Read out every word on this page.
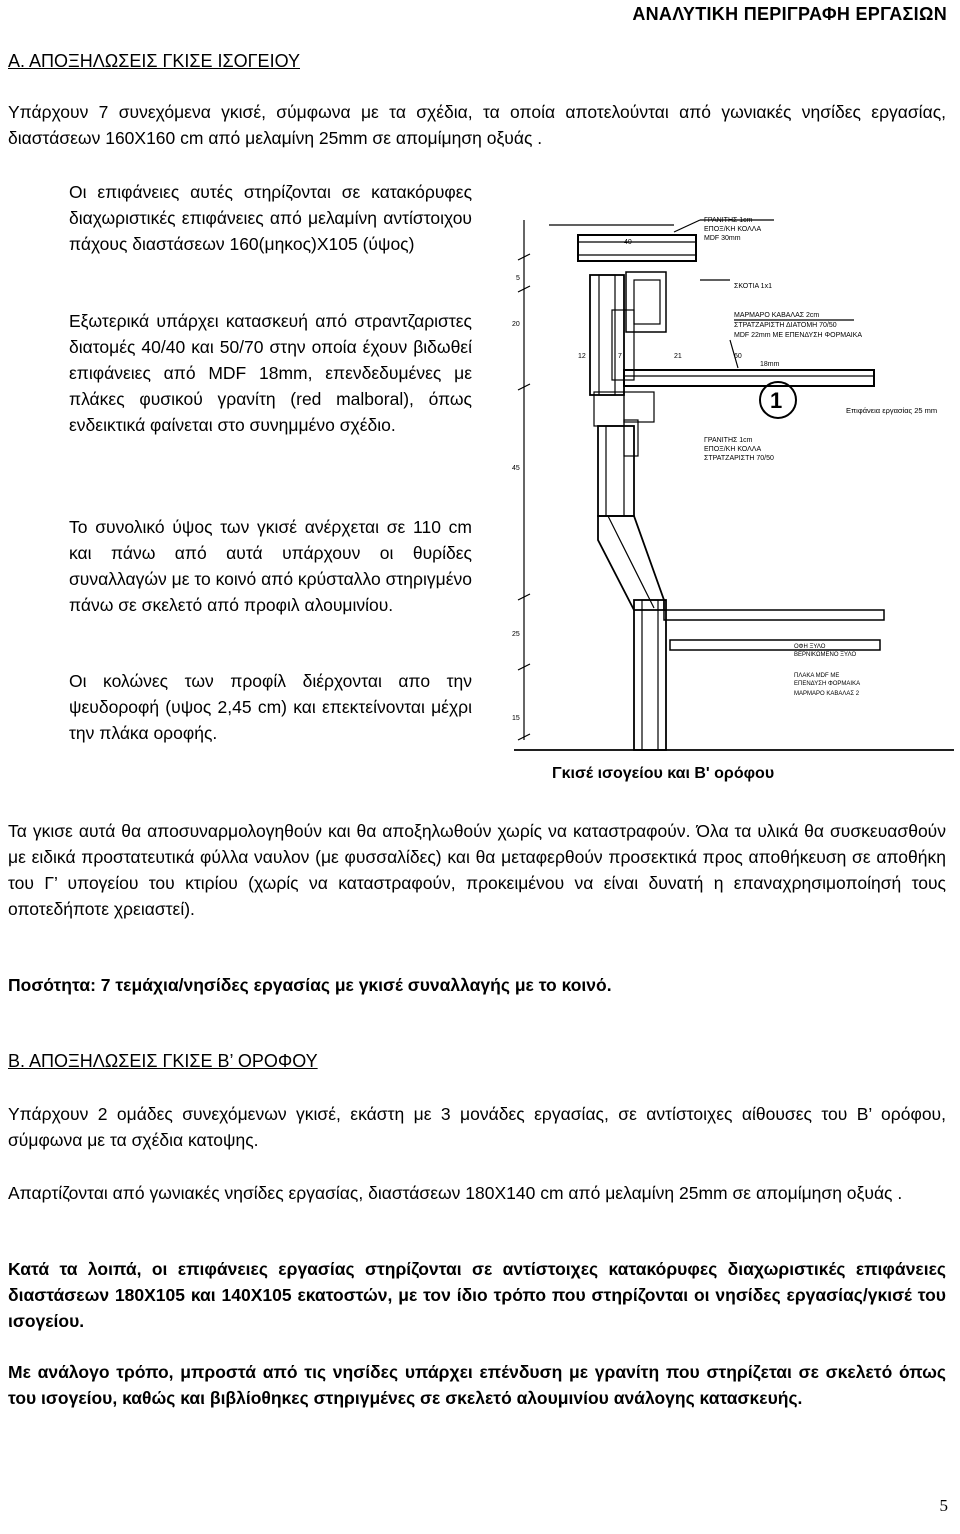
ΑΝΑΛΥΤΙΚΗ ΠΕΡΙΓΡΑΦΗ ΕΡΓΑΣΙΩΝ
Α. ΑΠΟΞΗΛΩΣΕΙΣ ΓΚΙΣΕ ΙΣΟΓΕΙΟΥ

Υπάρχουν 7 συνεχόμενα γκισέ, σύμφωνα με τα σχέδια, τα οποία αποτελούνται από γωνιακές νησίδες εργασίας, διαστάσεων 160Χ160 cm από μελαμίνη 25mm σε απομίμηση οξυάς .

Οι επιφάνειες αυτές στηρίζονται σε κατακόρυφες διαχωριστικές επιφάνειες από μελαμίνη αντίστοιχου πάχους διαστάσεων 160(μηκος)Χ105 (ύψος)

Εξωτερικά υπάρχει κατασκευή από στραντζαριστες διατομές 40/40 και 50/70 στην οποία έχουν βιδωθεί επιφάνειες από MDF 18mm, επενδεδυμένες με πλάκες φυσικού γρανίτη (red malboral), όπως ενδεικτικά φαίνεται στο συνημμένο σχέδιο.

Το συνολικό ύψος των γκισέ ανέρχεται σε 110 cm και πάνω από αυτά υπάρχουν οι θυρίδες συναλλαγών με το κοινό από κρύσταλλο στηριγμένο πάνω σε σκελετό από προφιλ αλουμινίου.

Οι κολώνες των προφίλ διέρχονται απο την ψευδοροφή (υψος 2,45 cm) και επεκτείνονται μέχρι την πλάκα οροφής.

ΓΡΑΝΙΤΗΣ 1cm
ΕΠΟΞ/ΚΗ ΚΟΛΛΑ
MDF 30mm
ΣΚΟΤΙΑ 1x1
ΜΑΡΜΑΡΟ ΚΑΒΑΛΑΣ 2cm
ΣΤΡΑΤΖΑΡΙΣΤΗ ΔΙΑΤΟΜΗ 70/50
MDF 22mm ΜΕ ΕΠΕΝΔΥΣΗ ΦΟΡΜΑΙΚΑ
18mm
Επιφάνεια εργασίας 25 mm
ΓΡΑΝΙΤΗΣ 1cm
ΕΠΟΞ/ΚΗ ΚΟΛΛΑ
ΣΤΡΑΤΖΑΡΙΣΤΗ 70/50
ΟΦΗ ΞΥΛΟ
ΒΕΡΝΙΚΩΜΕΝΟ ΞΥΛΟ
ΠΛΑΚΑ MDF ΜΕ
ΕΠΕΝΔΥΣΗ ΦΟΡΜΑΙΚΑ
ΜΑΡΜΑΡΟ ΚΑΒΑΛΑΣ 2
40
5
20
45
25
15
12	7	21	60
1
Γκισέ ισογείου και Β' ορόφου

Τα γκισε αυτά θα αποσυναρμολογηθούν και θα αποξηλωθούν χωρίς να καταστραφούν. Όλα τα υλικά θα συσκευασθούν με ειδικά προστατευτικά φύλλα ναυλον (με φυσσαλίδες) και θα μεταφερθούν προσεκτικά προς αποθήκευση σε αποθήκη του Γ’ υπογείου του κτιρίου (χωρίς να καταστραφούν, προκειμένου να είναι δυνατή η επαναχρησιμοποίησή τους οποτεδήποτε χρειαστεί).

Ποσότητα: 7 τεμάχια/νησίδες εργασίας με γκισέ συναλλαγής με το κοινό.

Β. ΑΠΟΞΗΛΩΣΕΙΣ ΓΚΙΣΕ Β’ ΟΡΟΦΟΥ

Υπάρχουν 2 ομάδες συνεχόμενων γκισέ, εκάστη με 3 μονάδες εργασίας, σε αντίστοιχες αίθουσες του Β’ ορόφου, σύμφωνα με τα σχέδια κατοψης.

Απαρτίζονται από γωνιακές νησίδες εργασίας, διαστάσεων 180Χ140 cm από μελαμίνη 25mm σε απομίμηση οξυάς .

Κατά τα λοιπά, οι επιφάνειες εργασίας στηρίζονται σε αντίστοιχες κατακόρυφες διαχωριστικές επιφάνειες διαστάσεων 180Χ105 και 140Χ105 εκατοστών, με τον ίδιο τρόπο που στηρίζονται οι νησίδες εργασίας/γκισέ του ισογείου.

Με ανάλογο τρόπο, μπροστά από τις νησίδες υπάρχει επένδυση με γρανίτη που στηρίζεται σε σκελετό όπως του ισογείου, καθώς και βιβλίοθηκες στηριγμένες σε σκελετό αλουμινίου ανάλογης κατασκευής.

5
